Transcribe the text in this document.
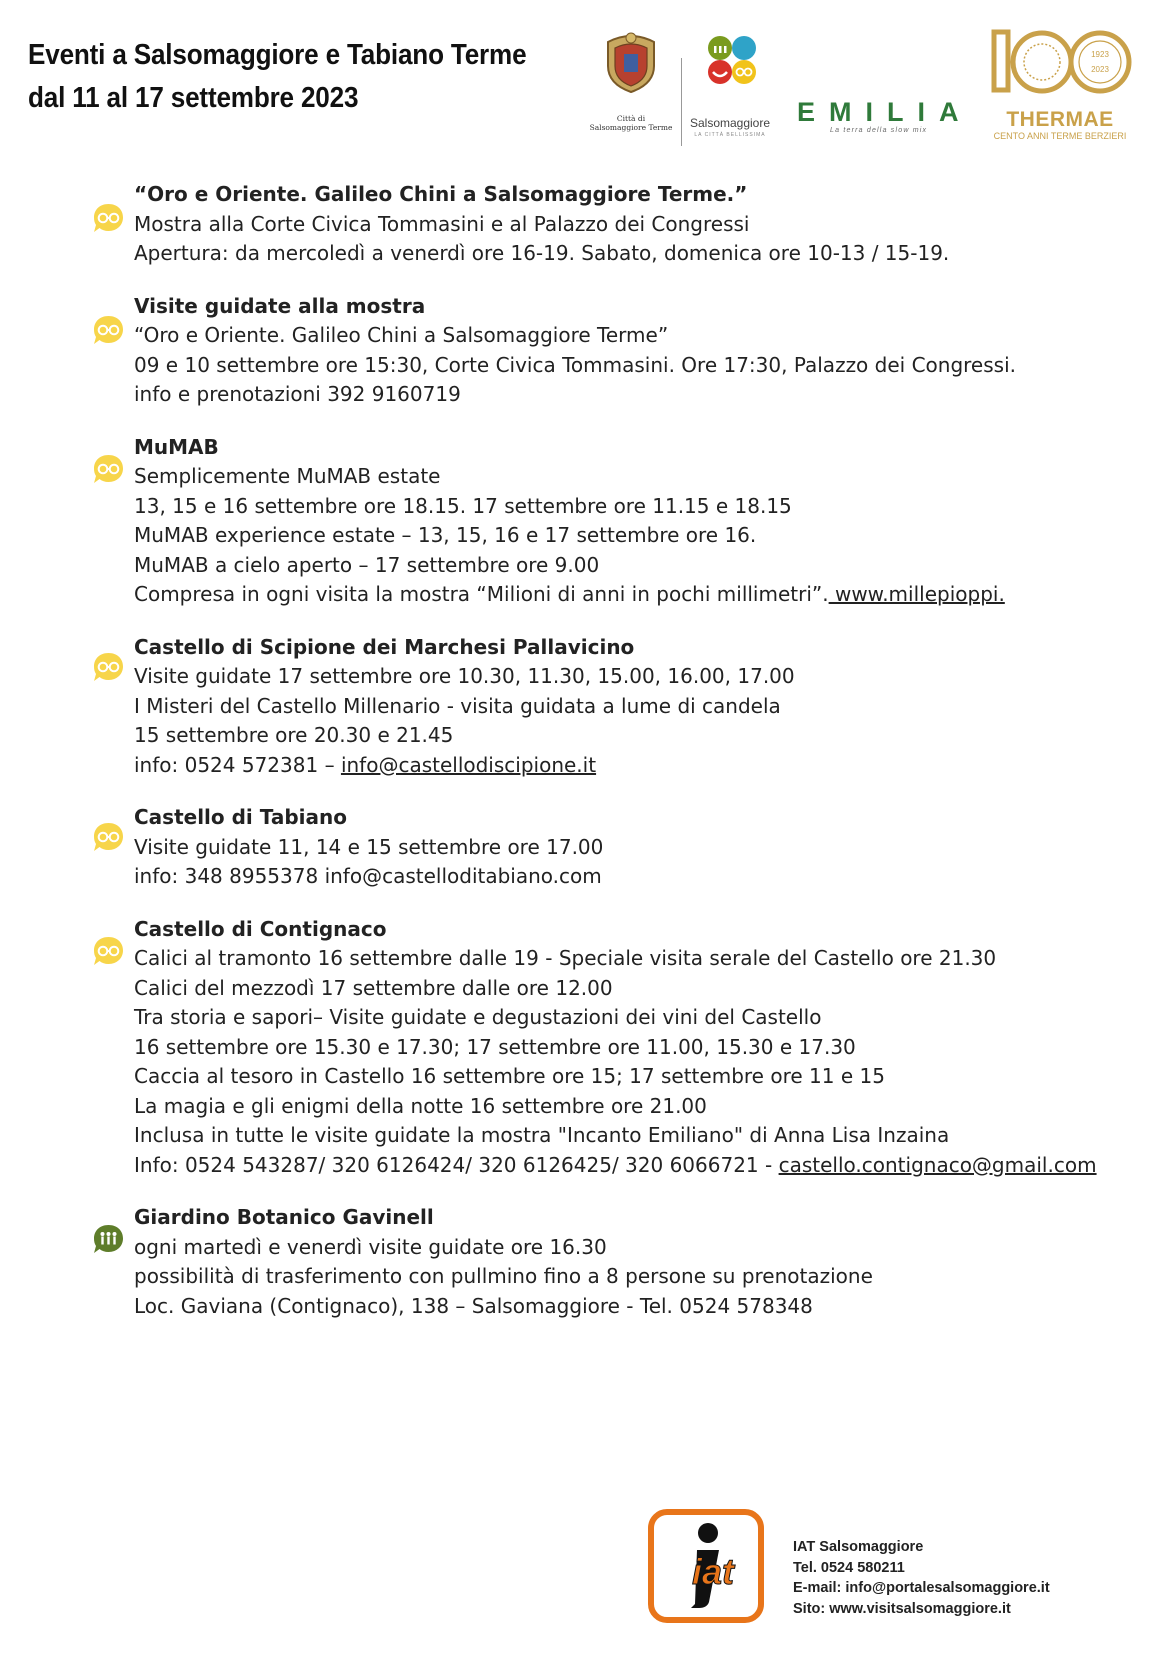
Eventi a Salsomaggiore e Tabiano Terme
dal 11 al 17 settembre 2023
Città di
Salsomaggiore Terme	Salsomaggiore
LA CITTÀ BELLISSIMA
EMILIA
La terra della slow mix
1923
2023
THERMAE
CENTO ANNI TERME BERZIERI
“Oro e Oriente. Galileo Chini a Salsomaggiore Terme.”
Mostra alla Corte Civica Tommasini e al Palazzo dei Congressi
Apertura: da mercoledì a venerdì ore 16-19. Sabato, domenica ore 10-13 / 15-19.
Visite guidate alla mostra
“Oro e Oriente. Galileo Chini a Salsomaggiore Terme”
09 e 10 settembre ore 15:30, Corte Civica Tommasini. Ore 17:30, Palazzo dei Congressi.
info e prenotazioni 392 9160719
MuMAB
Semplicemente MuMAB estate
13, 15 e 16 settembre ore 18.15. 17 settembre ore 11.15 e 18.15
MuMAB experience estate – 13, 15, 16 e 17 settembre ore 16.
MuMAB a cielo aperto – 17 settembre ore 9.00
Compresa in ogni visita la mostra “Milioni di anni in pochi millimetri”. www.millepioppi.
Castello di Scipione dei Marchesi Pallavicino
Visite guidate 17 settembre ore 10.30, 11.30, 15.00, 16.00, 17.00
I Misteri del Castello Millenario - visita guidata a lume di candela
15 settembre ore 20.30 e 21.45
info: 0524 572381 – info@castellodiscipione.it
Castello di Tabiano
Visite guidate 11, 14 e 15 settembre ore 17.00
info: 348 8955378 info@castelloditabiano.com
Castello di Contignaco
Calici al tramonto 16 settembre dalle 19 - Speciale visita serale del Castello ore 21.30
Calici del mezzodì 17 settembre dalle ore 12.00
Tra storia e sapori– Visite guidate e degustazioni dei vini del Castello
16 settembre ore 15.30 e 17.30; 17 settembre ore 11.00, 15.30 e 17.30
Caccia al tesoro in Castello 16 settembre ore 15; 17 settembre ore 11 e 15
La magia e gli enigmi della notte 16 settembre ore 21.00
Inclusa in tutte le visite guidate la mostra "Incanto Emiliano" di Anna Lisa Inzaina
Info: 0524 543287/ 320 6126424/ 320 6126425/ 320 6066721 - castello.contignaco@gmail.com
Giardino Botanico Gavinell
ogni martedì e venerdì visite guidate ore 16.30
possibilità di trasferimento con pullmino fino a 8 persone su prenotazione
Loc. Gaviana (Contignaco), 138 – Salsomaggiore - Tel. 0524 578348
iat
IAT Salsomaggiore
Tel. 0524 580211
E-mail: info@portalesalsomaggiore.it
Sito: www.visitsalsomaggiore.it
